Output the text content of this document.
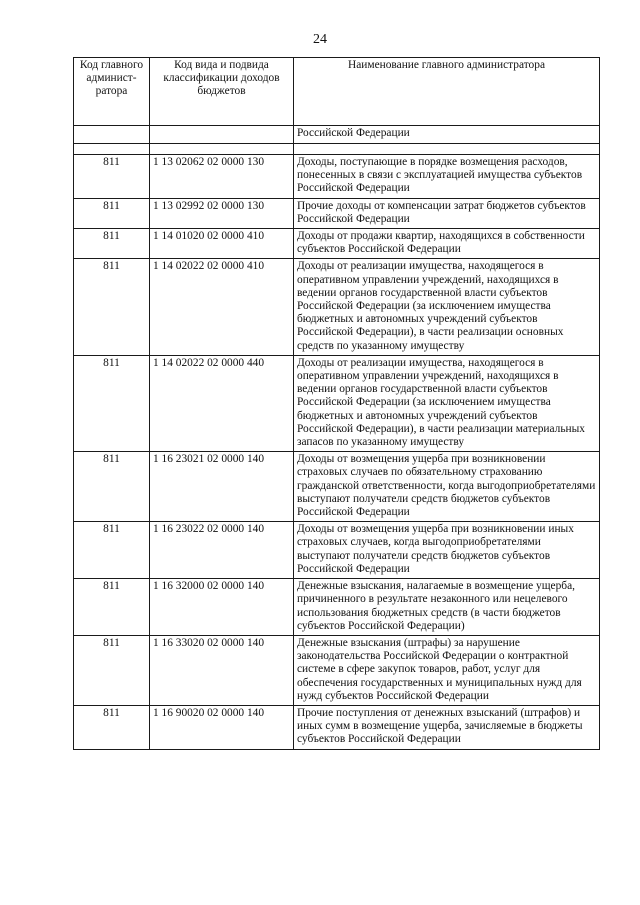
24
Код главного админист-ратора	Код вида и подвида классификации доходов бюджетов	Наименование главного администратора
		Российской Федерации

811	1 13 02062 02 0000 130	Доходы, поступающие в порядке возмещения расходов, понесенных в связи с эксплуатацией имущества субъектов Российской Федерации
811	1 13 02992 02 0000 130	Прочие доходы от компенсации затрат бюджетов субъектов Российской Федерации
811	1 14 01020 02 0000 410	Доходы от продажи квартир, находящихся в собственности субъектов Российской Федерации
811	1 14 02022 02 0000 410	Доходы от реализации имущества, находящегося в оперативном управлении учреждений, находящихся в ведении органов государственной власти субъектов Российской Федерации (за исключением имущества бюджетных и автономных учреждений субъектов Российской Федерации), в части реализации основных средств по указанному имуществу
811	1 14 02022 02 0000 440	Доходы от реализации имущества, находящегося в оперативном управлении учреждений, находящихся в ведении органов государственной власти субъектов Российской Федерации (за исключением имущества бюджетных и автономных учреждений субъектов Российской Федерации), в части реализации материальных запасов по указанному имуществу
811	1 16 23021 02 0000 140	Доходы от возмещения ущерба при возникновении страховых случаев по обязательному страхованию гражданской ответственности, когда выгодоприобретателями выступают получатели средств бюджетов субъектов Российской Федерации
811	1 16 23022 02 0000 140	Доходы от возмещения ущерба при возникновении иных страховых случаев, когда выгодоприобретателями выступают получатели средств бюджетов субъектов Российской Федерации
811	1 16 32000 02 0000 140	Денежные взыскания, налагаемые в возмещение ущерба, причиненного в результате незаконного или нецелевого использования бюджетных средств (в части бюджетов субъектов Российской Федерации)
811	1 16 33020 02 0000 140	Денежные взыскания (штрафы) за нарушение законодательства Российской Федерации о контрактной системе в сфере закупок товаров, работ, услуг для обеспечения государственных и муниципальных нужд для нужд субъектов Российской Федерации
811	1 16 90020 02 0000 140	Прочие поступления от денежных взысканий (штрафов) и иных сумм в возмещение ущерба, зачисляемые в бюджеты субъектов Российской Федерации
